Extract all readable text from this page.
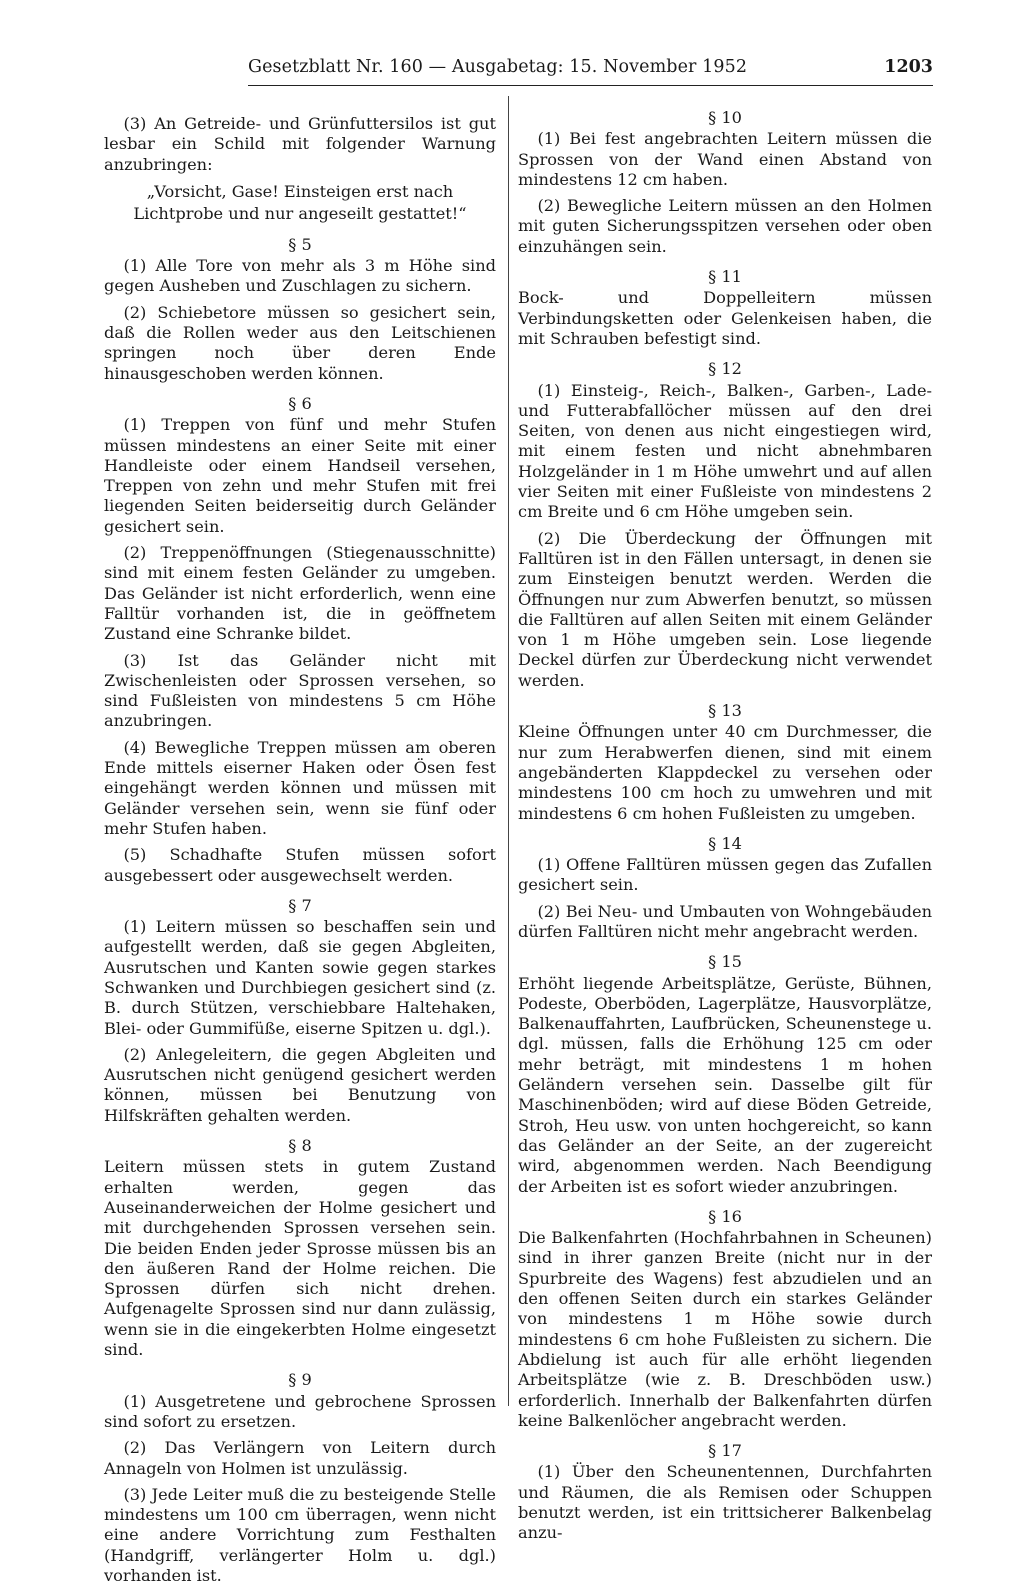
Gesetzblatt Nr. 160 — Ausgabetag: 15. November 1952	1203

(3) An Getreide- und Grünfuttersilos ist gut lesbar ein Schild mit folgender Warnung anzubringen:

„Vorsicht, Gase! Einsteigen erst nach Lichtprobe und nur angeseilt gestattet!“

§ 5

(1) Alle Tore von mehr als 3 m Höhe sind gegen Ausheben und Zuschlagen zu sichern.

(2) Schiebetore müssen so gesichert sein, daß die Rollen weder aus den Leitschienen springen noch über deren Ende hinausgeschoben werden können.

§ 6

(1) Treppen von fünf und mehr Stufen müssen mindestens an einer Seite mit einer Handleiste oder einem Handseil versehen, Treppen von zehn und mehr Stufen mit frei liegenden Seiten beiderseitig durch Geländer gesichert sein.

(2) Treppenöffnungen (Stiegenausschnitte) sind mit einem festen Geländer zu umgeben. Das Geländer ist nicht erforderlich, wenn eine Falltür vorhanden ist, die in geöffnetem Zustand eine Schranke bildet.

(3) Ist das Geländer nicht mit Zwischenleisten oder Sprossen versehen, so sind Fußleisten von mindestens 5 cm Höhe anzubringen.

(4) Bewegliche Treppen müssen am oberen Ende mittels eiserner Haken oder Ösen fest eingehängt werden können und müssen mit Geländer versehen sein, wenn sie fünf oder mehr Stufen haben.

(5) Schadhafte Stufen müssen sofort ausgebessert oder ausgewechselt werden.

§ 7

(1) Leitern müssen so beschaffen sein und aufgestellt werden, daß sie gegen Abgleiten, Ausrutschen und Kanten sowie gegen starkes Schwanken und Durchbiegen gesichert sind (z. B. durch Stützen, verschiebbare Haltehaken, Blei- oder Gummifüße, eiserne Spitzen u. dgl.).

(2) Anlegeleitern, die gegen Abgleiten und Ausrutschen nicht genügend gesichert werden können, müssen bei Benutzung von Hilfskräften gehalten werden.

§ 8

Leitern müssen stets in gutem Zustand erhalten werden, gegen das Auseinanderweichen der Holme gesichert und mit durchgehenden Sprossen versehen sein. Die beiden Enden jeder Sprosse müssen bis an den äußeren Rand der Holme reichen. Die Sprossen dürfen sich nicht drehen. Aufgenagelte Sprossen sind nur dann zulässig, wenn sie in die eingekerbten Holme eingesetzt sind.

§ 9

(1) Ausgetretene und gebrochene Sprossen sind sofort zu ersetzen.

(2) Das Verlängern von Leitern durch Annageln von Holmen ist unzulässig.

(3) Jede Leiter muß die zu besteigende Stelle mindestens um 100 cm überragen, wenn nicht eine andere Vorrichtung zum Festhalten (Handgriff, verlängerter Holm u. dgl.) vorhanden ist.

§ 10

(1) Bei fest angebrachten Leitern müssen die Sprossen von der Wand einen Abstand von mindestens 12 cm haben.

(2) Bewegliche Leitern müssen an den Holmen mit guten Sicherungsspitzen versehen oder oben einzuhängen sein.

§ 11

Bock- und Doppelleitern müssen Verbindungsketten oder Gelenkeisen haben, die mit Schrauben befestigt sind.

§ 12

(1) Einsteig-, Reich-, Balken-, Garben-, Lade- und Futterabfallöcher müssen auf den drei Seiten, von denen aus nicht eingestiegen wird, mit einem festen und nicht abnehmbaren Holzgeländer in 1 m Höhe umwehrt und auf allen vier Seiten mit einer Fußleiste von mindestens 2 cm Breite und 6 cm Höhe umgeben sein.

(2) Die Überdeckung der Öffnungen mit Falltüren ist in den Fällen untersagt, in denen sie zum Einsteigen benutzt werden. Werden die Öffnungen nur zum Abwerfen benutzt, so müssen die Falltüren auf allen Seiten mit einem Geländer von 1 m Höhe umgeben sein. Lose liegende Deckel dürfen zur Überdeckung nicht verwendet werden.

§ 13

Kleine Öffnungen unter 40 cm Durchmesser, die nur zum Herabwerfen dienen, sind mit einem angebänderten Klappdeckel zu versehen oder mindestens 100 cm hoch zu umwehren und mit mindestens 6 cm hohen Fußleisten zu umgeben.

§ 14

(1) Offene Falltüren müssen gegen das Zufallen gesichert sein.

(2) Bei Neu- und Umbauten von Wohngebäuden dürfen Falltüren nicht mehr angebracht werden.

§ 15

Erhöht liegende Arbeitsplätze, Gerüste, Bühnen, Podeste, Oberböden, Lagerplätze, Hausvorplätze, Balkenauffahrten, Laufbrücken, Scheunenstege u. dgl. müssen, falls die Erhöhung 125 cm oder mehr beträgt, mit mindestens 1 m hohen Geländern versehen sein. Dasselbe gilt für Maschinenböden; wird auf diese Böden Getreide, Stroh, Heu usw. von unten hochgereicht, so kann das Geländer an der Seite, an der zugereicht wird, abgenommen werden. Nach Beendigung der Arbeiten ist es sofort wieder anzubringen.

§ 16

Die Balkenfahrten (Hochfahrbahnen in Scheunen) sind in ihrer ganzen Breite (nicht nur in der Spurbreite des Wagens) fest abzudielen und an den offenen Seiten durch ein starkes Geländer von mindestens 1 m Höhe sowie durch mindestens 6 cm hohe Fußleisten zu sichern. Die Abdielung ist auch für alle erhöht liegenden Arbeitsplätze (wie z. B. Dreschböden usw.) erforderlich. Innerhalb der Balkenfahrten dürfen keine Balkenlöcher angebracht werden.

§ 17

(1) Über den Scheunentennen, Durchfahrten und Räumen, die als Remisen oder Schuppen benutzt werden, ist ein trittsicherer Balkenbelag anzu-
